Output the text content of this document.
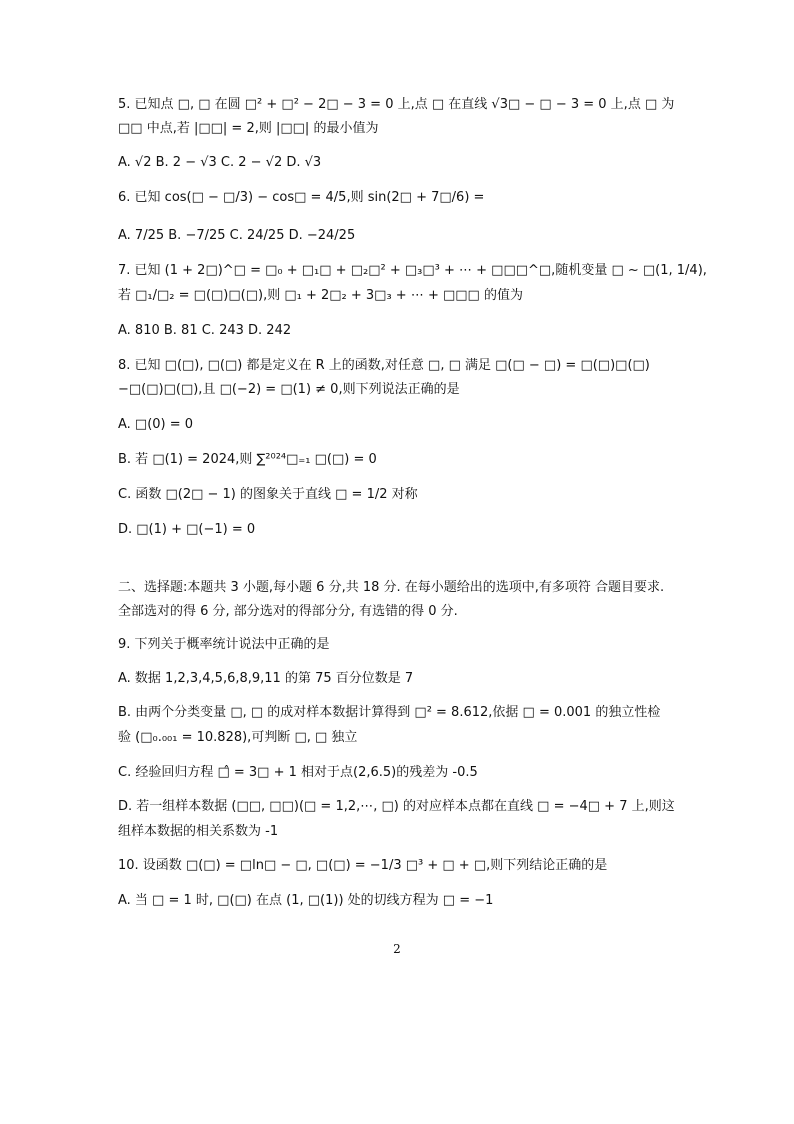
5. 已知点 □, □ 在圆 □² + □² − 2□ − 3 = 0 上,点 □ 在直线 √3□ − □ − 3 = 0 上,点 □ 为
□□ 中点,若 |□□| = 2,则 |□□| 的最小值为
A. √2 B. 2 − √3 C. 2 − √2 D. √3
6. 已知 cos(□ − □/3) − cos□ = 4/5,则 sin(2□ + 7□/6) =
A. 7/25 B. −7/25 C. 24/25 D. −24/25
7. 已知 (1 + 2□)^□ = □₀ + □₁□ + □₂□² + □₃□³ + ⋯ + □□□^□,随机变量 □ ~ □(1, 1/4),
若 □₁/□₂ = □(□)□(□),则 □₁ + 2□₂ + 3□₃ + ⋯ + □□□ 的值为
A. 810 B. 81 C. 243 D. 242
8. 已知 □(□), □(□) 都是定义在 R 上的函数,对任意 □, □ 满足 □(□ − □) = □(□)□(□)
−□(□)□(□),且 □(−2) = □(1) ≠ 0,则下列说法正确的是
A. □(0) = 0
B. 若 □(1) = 2024,则 ∑²⁰²⁴□₌₁ □(□) = 0
C. 函数 □(2□ − 1) 的图象关于直线 □ = 1/2 对称
D. □(1) + □(−1) = 0
二、选择题:本题共 3 小题,每小题 6 分,共 18 分. 在每小题给出的选项中,有多项符 合题目要求.
全部选对的得 6 分, 部分选对的得部分分, 有选错的得 0 分.
9. 下列关于概率统计说法中正确的是
A. 数据 1,2,3,4,5,6,8,9,11 的第 75 百分位数是 7
B. 由两个分类变量 □, □ 的成对样本数据计算得到 □² = 8.612,依据 □ = 0.001 的独立性检
验 (□₀.₀₀₁ = 10.828),可判断 □, □ 独立
C. 经验回归方程 □̂ = 3□ + 1 相对于点(2,6.5)的残差为 -0.5
D. 若一组样本数据 (□□, □□)(□ = 1,2,⋯, □) 的对应样本点都在直线 □ = −4□ + 7 上,则这
组样本数据的相关系数为 -1
10. 设函数 □(□) = □ln□ − □, □(□) = −1/3 □³ + □ + □,则下列结论正确的是
A. 当 □ = 1 时, □(□) 在点 (1, □(1)) 处的切线方程为 □ = −1
2
